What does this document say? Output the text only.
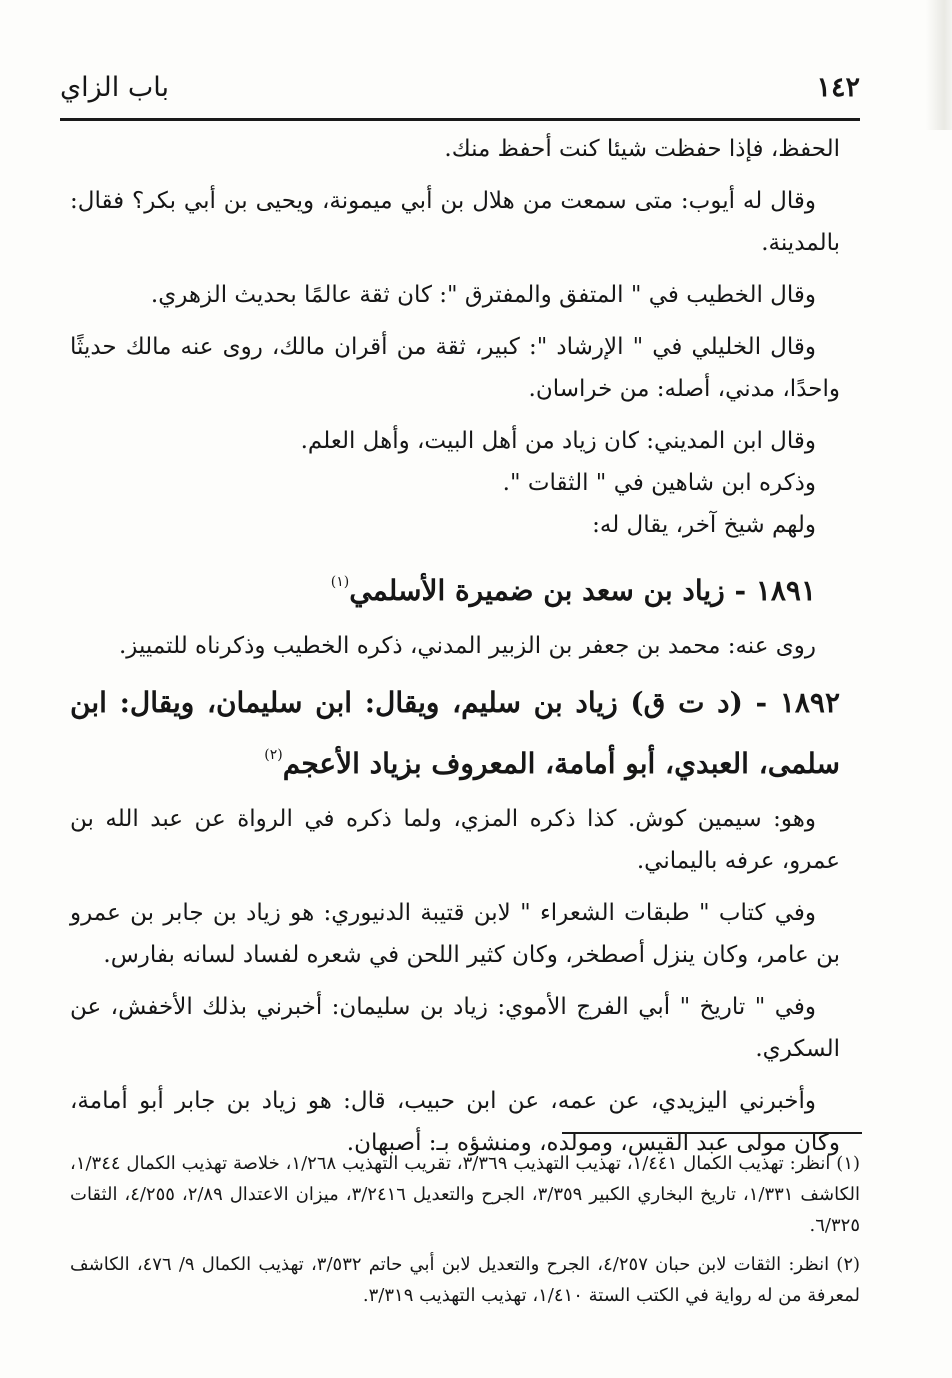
١٤٢
باب الزاي

الحفظ، فإذا حفظت شيئا كنت أحفظ منك.

وقال له أيوب: متى سمعت من هلال بن أبي ميمونة، ويحيى بن أبي بكر؟ فقال: بالمدينة.

وقال الخطيب في " المتفق والمفترق ": كان ثقة عالمًا بحديث الزهري.

وقال الخليلي في " الإرشاد ": كبير، ثقة من أقران مالك، روى عنه مالك حديثًا واحدًا، مدني، أصله: من خراسان.

وقال ابن المديني: كان زياد من أهل البيت، وأهل العلم.

وذكره ابن شاهين في " الثقات ".

ولهم شيخ آخر، يقال له:

١٨٩١ - زياد بن سعد بن ضميرة الأسلمي$^{(١)}$

روى عنه: محمد بن جعفر بن الزبير المدني، ذكره الخطيب وذكرناه للتمييز.

١٨٩٢ - (د ت ق) زياد بن سليم، ويقال: ابن سليمان، ويقال: ابن سلمى، العبدي، أبو أمامة، المعروف بزياد الأعجم$^{(٢)}$

وهو: سيمين كوش. كذا ذكره المزي، ولما ذكره في الرواة عن عبد الله بن عمرو، عرفه باليماني.

وفي كتاب " طبقات الشعراء " لابن قتيبة الدنيوري: هو زياد بن جابر بن عمرو بن عامر، وكان ينزل أصطخر، وكان كثير اللحن في شعره لفساد لسانه بفارس.

وفي " تاريخ " أبي الفرج الأموي: زياد بن سليمان: أخبرني بذلك الأخفش، عن السكري.

وأخبرني اليزيدي، عن عمه، عن ابن حبيب، قال: هو زياد بن جابر أبو أمامة، وكان مولى عبد القيس، ومولده، ومنشؤه بـ: أصبهان.

(١) انظر: تهذيب الكمال ١/٤٤١، تهذيب التهذيب ٣/٣٦٩، تقريب التهذيب ١/٢٦٨، خلاصة تهذيب الكمال ١/٣٤٤، الكاشف ١/٣٣١، تاريخ البخاري الكبير ٣/٣٥٩، الجرح والتعديل ٣/٢٤١٦، ميزان الاعتدال ٢/٨٩، ٤/٢٥٥، الثقات ٦/٣٢٥.

(٢) انظر: الثقات لابن حبان ٤/٢٥٧، الجرح والتعديل لابن أبي حاتم ٣/٥٣٢، تهذيب الكمال ٩/ ٤٧٦، الكاشف لمعرفة من له رواية في الكتب الستة ١/٤١٠، تهذيب التهذيب ٣/٣١٩.
